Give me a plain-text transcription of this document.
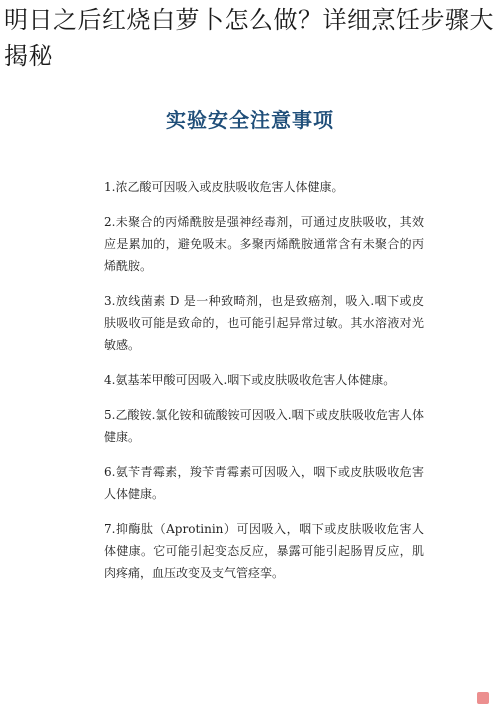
明日之后红烧白萝卜怎么做？详细烹饪步骤大揭秘
实验安全注意事项

1.浓乙酸可因吸入或皮肤吸收危害人体健康。

2.未聚合的丙烯酰胺是强神经毒剂，可通过皮肤吸收，其效应是累加的，避免吸末。多聚丙烯酰胺通常含有未聚合的丙烯酰胺。

3.放线菌素 D 是一种致畸剂，也是致癌剂，吸入.咽下或皮肤吸收可能是致命的，也可能引起异常过敏。其水溶液对光敏感。

4.氨基苯甲酸可因吸入.咽下或皮肤吸收危害人体健康。

5.乙酸铵.氯化铵和硫酸铵可因吸入.咽下或皮肤吸收危害人体健康。

6.氨苄青霉素，羧苄青霉素可因吸入，咽下或皮肤吸收危害人体健康。

7.抑酶肽（Aprotinin）可因吸入，咽下或皮肤吸收危害人体健康。它可能引起变态反应，暴露可能引起肠胃反应，肌肉疼痛，血压改变及支气管痉挛。
